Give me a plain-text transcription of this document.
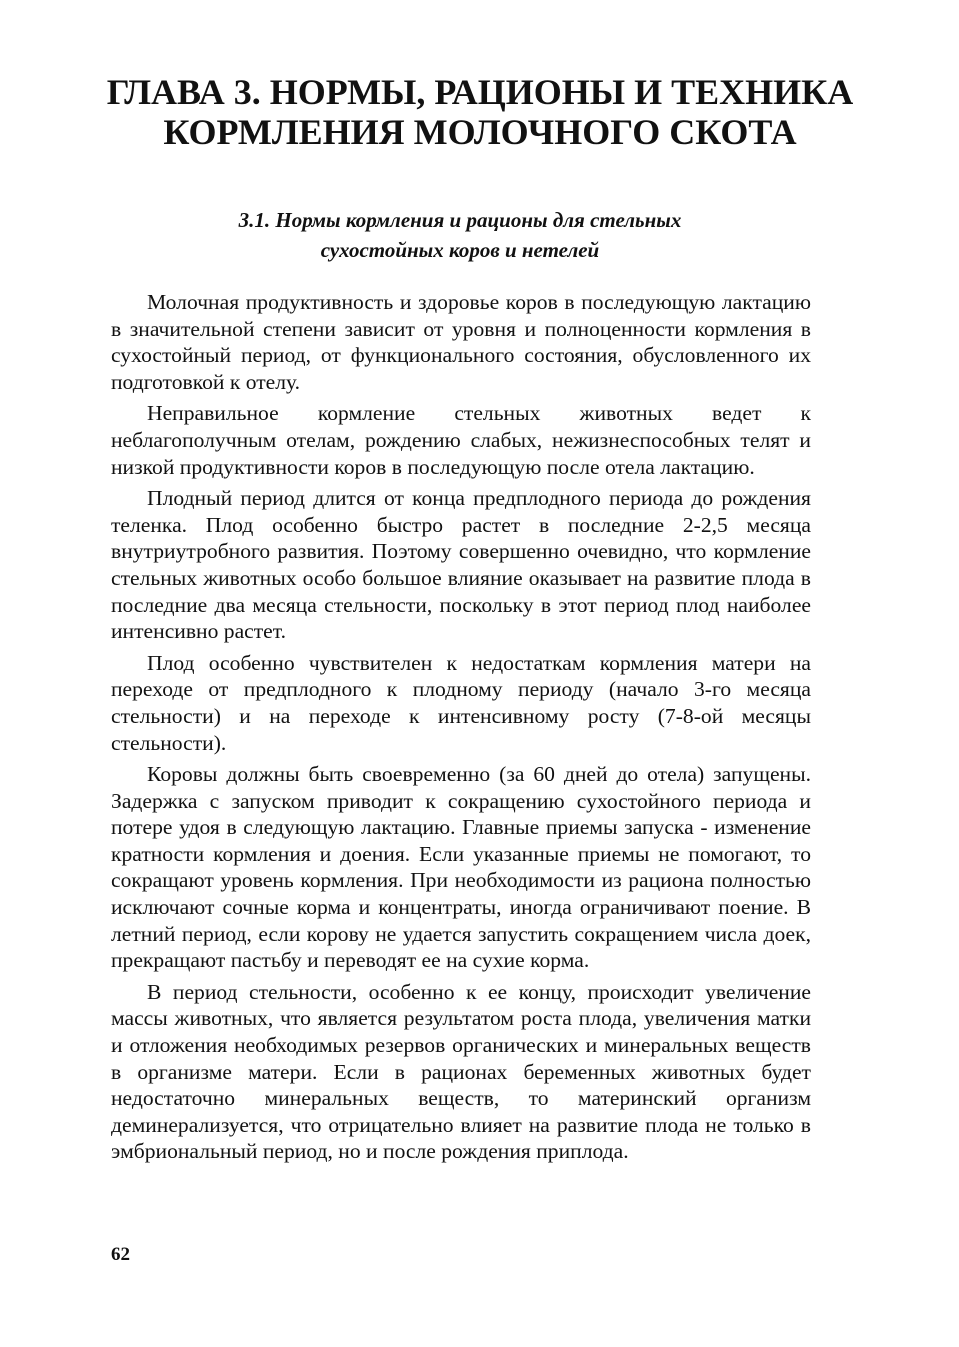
ГЛАВА 3. НОРМЫ, РАЦИОНЫ И ТЕХНИКА
КОРМЛЕНИЯ МОЛОЧНОГО СКОТА
3.1. Нормы кормления и рационы для стельных
сухостойных коров и нетелей

Молочная продуктивность и здоровье коров в последующую лактацию в значительной степени зависит от уровня и полноценности кормления в сухостойный период, от функционального состояния, обусловленного их подготовкой к отелу.

Неправильное кормление стельных животных ведет к неблагополучным отелам, рождению слабых, нежизнеспособных телят и низкой продуктивности коров в последующую после отела лактацию.

Плодный период длится от конца предплодного периода до рождения теленка. Плод особенно быстро растет в последние 2-2,5 месяца внутриутробного развития. Поэтому совершенно очевидно, что кормление стельных животных особо большое влияние оказывает на развитие плода в последние два месяца стельности, поскольку в этот период плод наиболее интенсивно растет.

Плод особенно чувствителен к недостаткам кормления матери на переходе от предплодного к плодному периоду (начало 3-го месяца стельности) и на переходе к интенсивному росту (7-8-ой месяцы стельности).

Коровы должны быть своевременно (за 60 дней до отела) запущены. Задержка с запуском приводит к сокращению сухостойного периода и потере удоя в следующую лактацию. Главные приемы запуска - изменение кратности кормления и доения. Если указанные приемы не помогают, то сокращают уровень кормления. При необходимости из рациона полностью исключают сочные корма и концентраты, иногда ограничивают поение. В летний период, если корову не удается запустить сокращением числа доек, прекращают пастьбу и переводят ее на сухие корма.

В период стельности, особенно к ее концу, происходит увеличение массы животных, что является результатом роста плода, увеличения матки и отложения необходимых резервов органических и минеральных веществ в организме матери. Если в рационах беременных животных будет недостаточно минеральных веществ, то материнский организм деминерализуется, что отрицательно влияет на развитие плода не только в эмбриональный период, но и после рождения приплода.

62
